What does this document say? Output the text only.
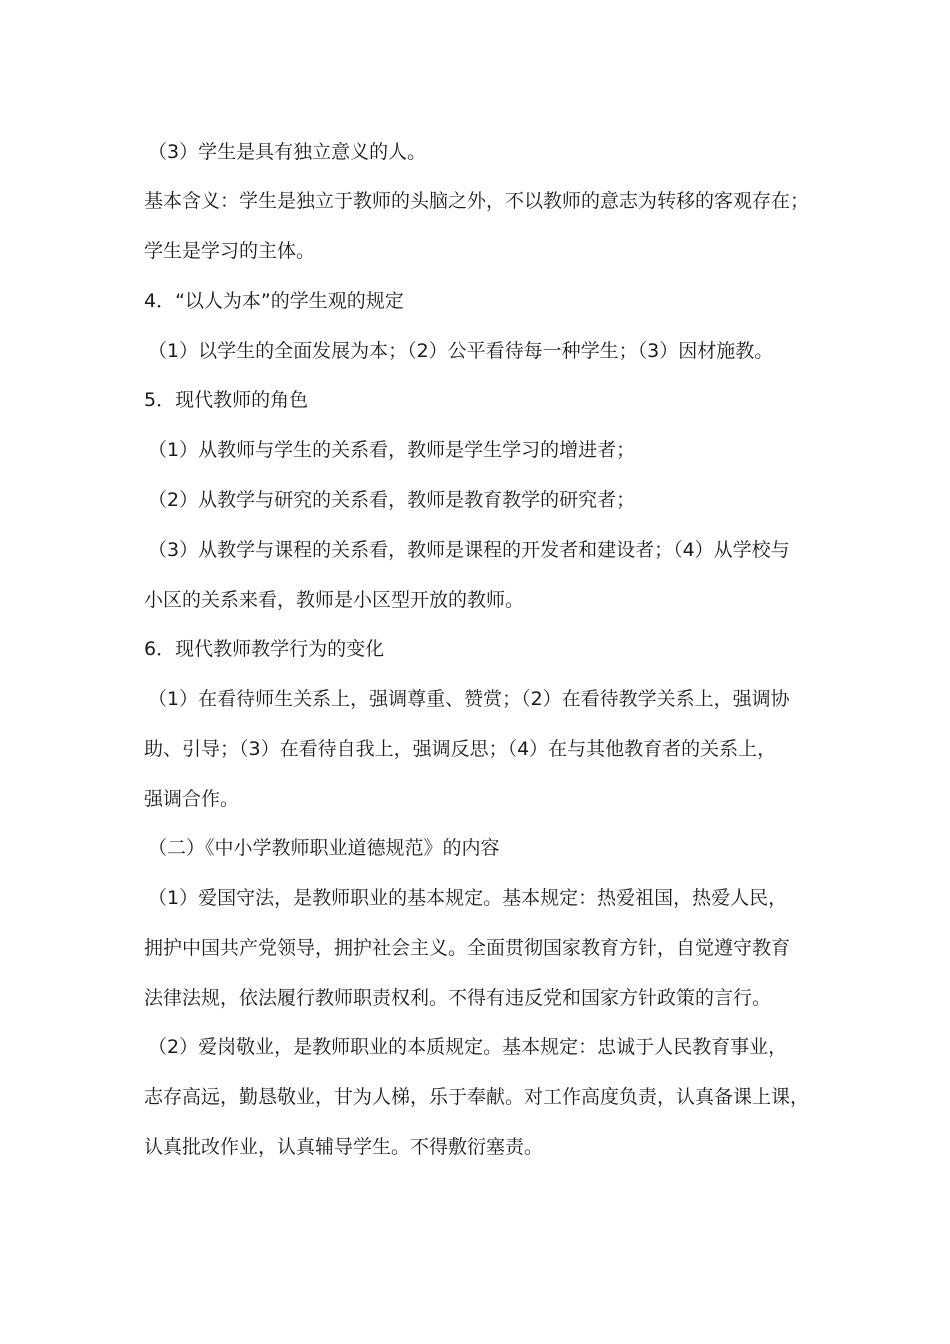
（3）学生是具有独立意义的人。
基本含义：学生是独立于教师的头脑之外，不以教师的意志为转移的客观存在；
学生是学习的主体。
4．“以人为本”的学生观的规定
（1）以学生的全面发展为本；（2）公平看待每一种学生；（3）因材施教。
5．现代教师的角色
（1）从教师与学生的关系看，教师是学生学习的增进者；
（2）从教学与研究的关系看，教师是教育教学的研究者；
（3）从教学与课程的关系看，教师是课程的开发者和建设者；（4）从学校与
小区的关系来看，教师是小区型开放的教师。
6．现代教师教学行为的变化
（1）在看待师生关系上，强调尊重、赞赏；（2）在看待教学关系上，强调协
助、引导；（3）在看待自我上，强调反思；（4）在与其他教育者的关系上，
强调合作。
（二）《中小学教师职业道德规范》的内容
（1）爱国守法，是教师职业的基本规定。基本规定：热爱祖国，热爱人民，
拥护中国共产党领导，拥护社会主义。全面贯彻国家教育方针，自觉遵守教育
法律法规，依法履行教师职责权利。不得有违反党和国家方针政策的言行。
（2）爱岗敬业，是教师职业的本质规定。基本规定：忠诚于人民教育事业，
志存高远，勤恳敬业，甘为人梯，乐于奉献。对工作高度负责，认真备课上课，
认真批改作业，认真辅导学生。不得敷衍塞责。
